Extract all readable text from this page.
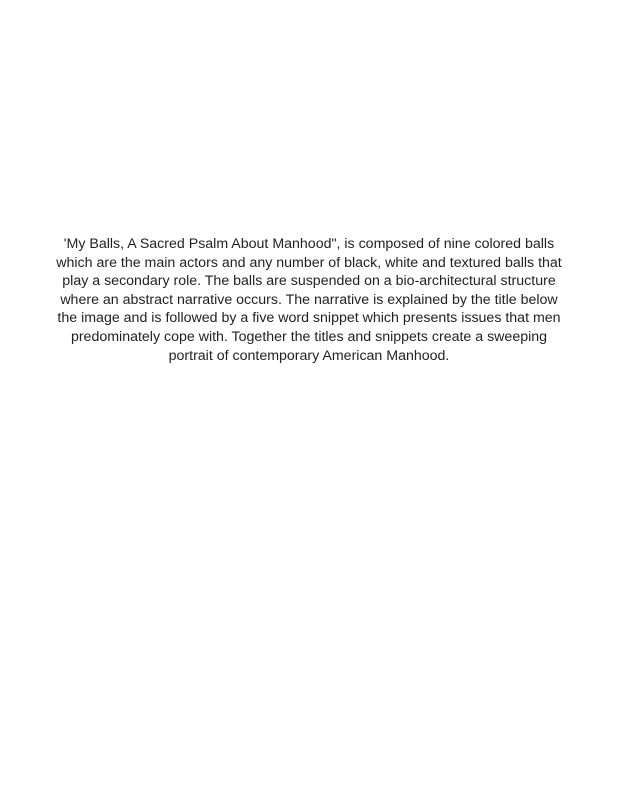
'My Balls, A Sacred Psalm About Manhood", is composed of nine colored balls
which are the main actors and any number of black, white and textured balls that
play a secondary role. The balls are suspended on a bio-architectural structure
where an abstract narrative occurs. The narrative is explained by the title below
the image and is followed by a five word snippet which presents issues that men
predominately cope with. Together the titles and snippets create a sweeping
portrait of contemporary American Manhood.
